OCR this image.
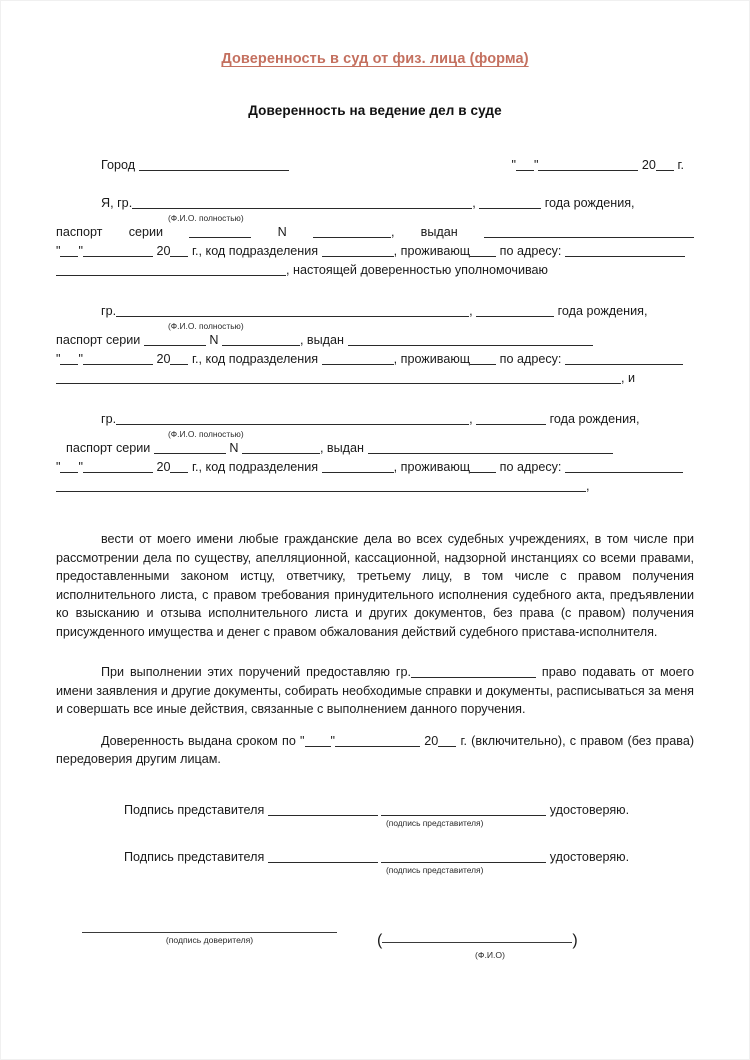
Доверенность в суд от физ. лица (форма)
Доверенность на ведение дел в суде
Город	" "	20 г.
Я, гр.	,	года рождения,
(Ф.И.О. полностью)
паспорт серии	N	, выдан
" "	20 г., код подразделения	, проживающ по адресу:
, настоящей доверенностью уполномочиваю
гр.	,	года рождения,
(Ф.И.О. полностью)
паспорт серии	N	, выдан
" "	20 г., код подразделения	, проживающ по адресу:
, и
гр.	,	года рождения,
(Ф.И.О. полностью)
паспорт серии	N	, выдан
" "	20 г., код подразделения	, проживающ по адресу:
,

вести от моего имени любые гражданские дела во всех судебных учреждениях, в том числе при рассмотрении дела по существу, апелляционной, кассационной, надзорной инстанциях со всеми правами, предоставленными законом истцу, ответчику, третьему лицу, в том числе с правом получения исполнительного листа, с правом требования принудительного исполнения судебного акта, предъявлении ко взысканию и отзыва исполнительного листа и других документов, без права (с правом) получения присужденного имущества и денег с правом обжалования действий судебного пристава-исполнителя.

При выполнении этих поручений предоставляю гр.	право подавать от моего имени заявления и другие документы, собирать необходимые справки и документы, расписываться за меня и совершать все иные действия, связанные с выполнением данного поручения.

Доверенность выдана сроком по " "	20 г. (включительно), с правом (без права) передоверия другим лицам.

Подпись представителя	удостоверяю.
(подпись представителя)
Подпись представителя	удостоверяю.
(подпись представителя)
(подпись доверителя)	(	)
(Ф.И.О)
